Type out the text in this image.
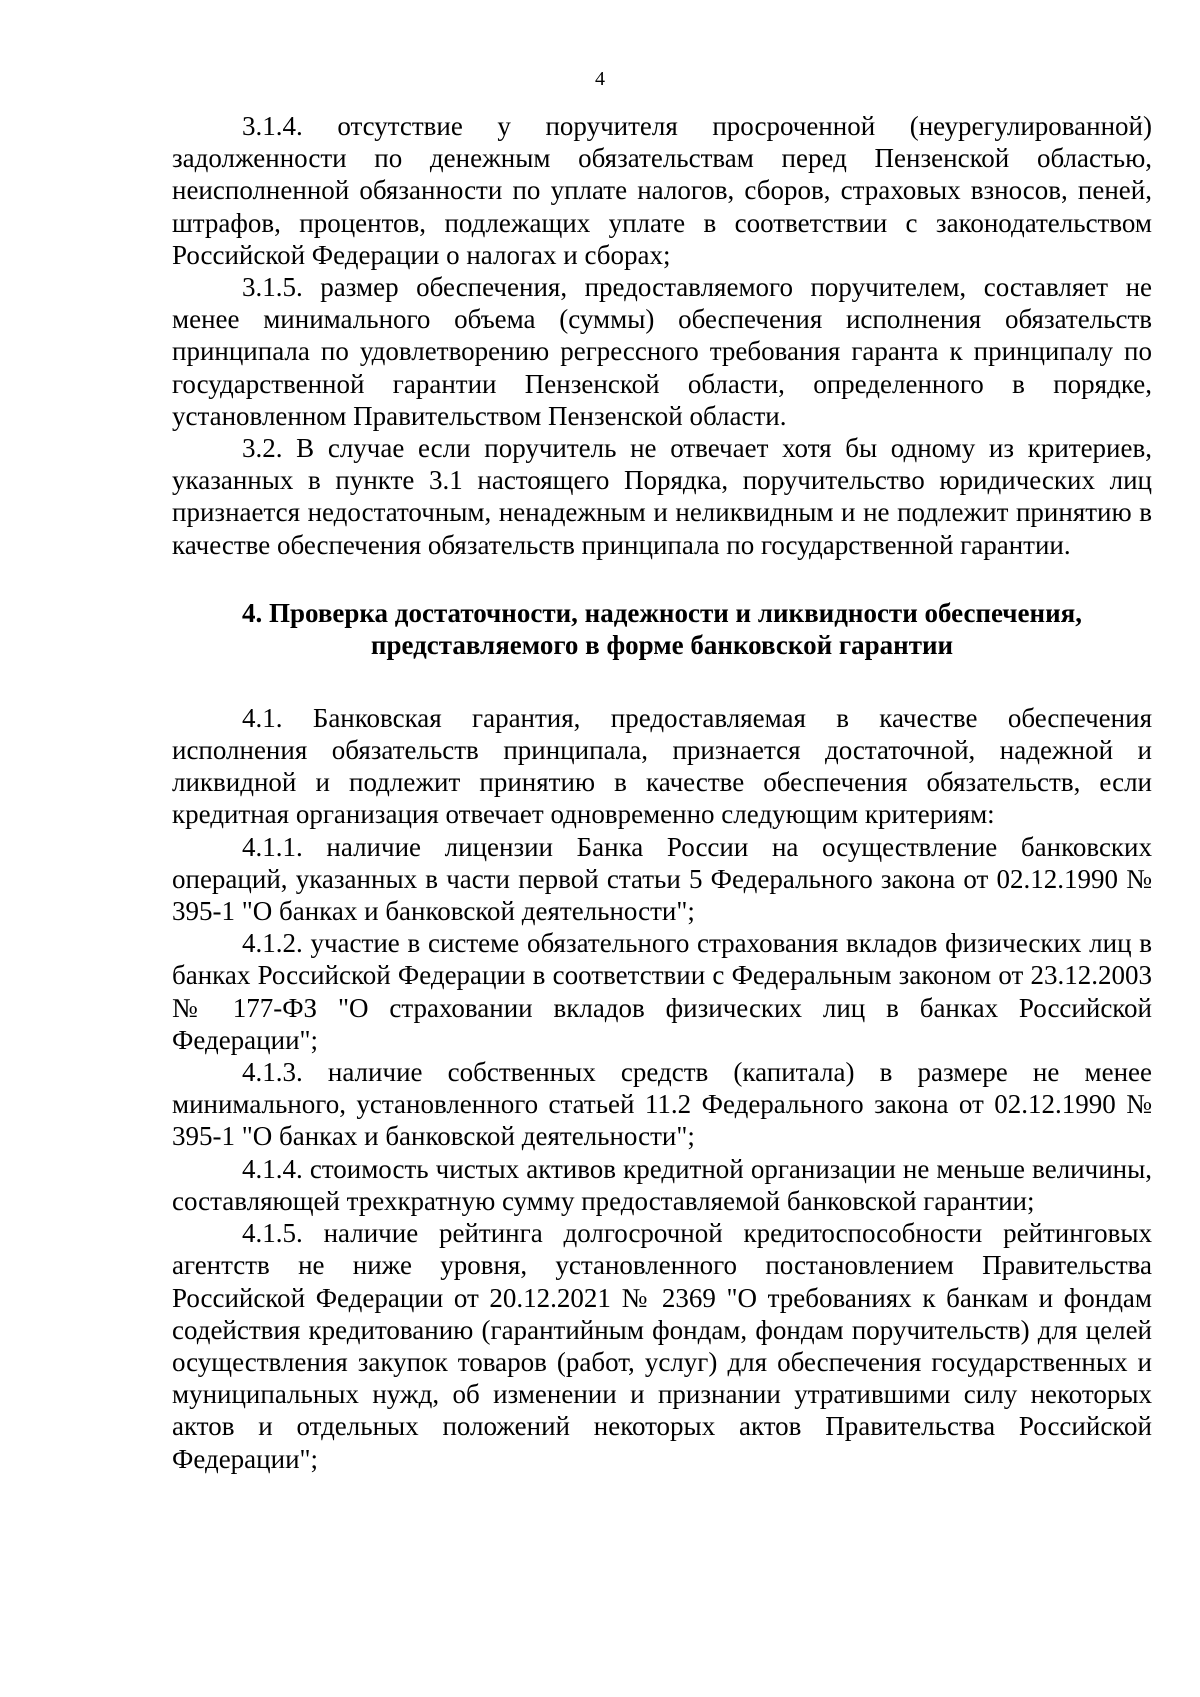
4

3.1.4. отсутствие у поручителя просроченной (неурегулированной) задолженности по денежным обязательствам перед Пензенской областью, неисполненной обязанности по уплате налогов, сборов, страховых взносов, пеней, штрафов, процентов, подлежащих уплате в соответствии с законодательством Российской Федерации о налогах и сборах;

3.1.5. размер обеспечения, предоставляемого поручителем, составляет не менее минимального объема (суммы) обеспечения исполнения обязательств принципала по удовлетворению регрессного требования гаранта к принципалу по государственной гарантии Пензенской области, определенного в порядке, установленном Правительством Пензенской области.

3.2. В случае если поручитель не отвечает хотя бы одному из критериев, указанных в пункте 3.1 настоящего Порядка, поручительство юридических лиц признается недостаточным, ненадежным и неликвидным и не подлежит принятию в качестве обеспечения обязательств принципала по государственной гарантии.

4. Проверка достаточности, надежности и ликвидности обеспечения,
представляемого в форме банковской гарантии

4.1. Банковская гарантия, предоставляемая в качестве обеспечения исполнения обязательств принципала, признается достаточной, надежной и ликвидной и подлежит принятию в качестве обеспечения обязательств, если кредитная организация отвечает одновременно следующим критериям:

4.1.1. наличие лицензии Банка России на осуществление банковских операций, указанных в части первой статьи 5 Федерального закона от 02.12.1990 № 395-1 "О банках и банковской деятельности";

4.1.2. участие в системе обязательного страхования вкладов физических лиц в банках Российской Федерации в соответствии с Федеральным законом от 23.12.2003 № 177-ФЗ "О страховании вкладов физических лиц в банках Российской Федерации";

4.1.3. наличие собственных средств (капитала) в размере не менее минимального, установленного статьей 11.2 Федерального закона от 02.12.1990 № 395-1 "О банках и банковской деятельности";

4.1.4. стоимость чистых активов кредитной организации не меньше величины, составляющей трехкратную сумму предоставляемой банковской гарантии;

4.1.5. наличие рейтинга долгосрочной кредитоспособности рейтинговых агентств не ниже уровня, установленного постановлением Правительства Российской Федерации от 20.12.2021 № 2369 "О требованиях к банкам и фондам содействия кредитованию (гарантийным фондам, фондам поручительств) для целей осуществления закупок товаров (работ, услуг) для обеспечения государственных и муниципальных нужд, об изменении и признании утратившими силу некоторых актов и отдельных положений некоторых актов Правительства Российской Федерации";
